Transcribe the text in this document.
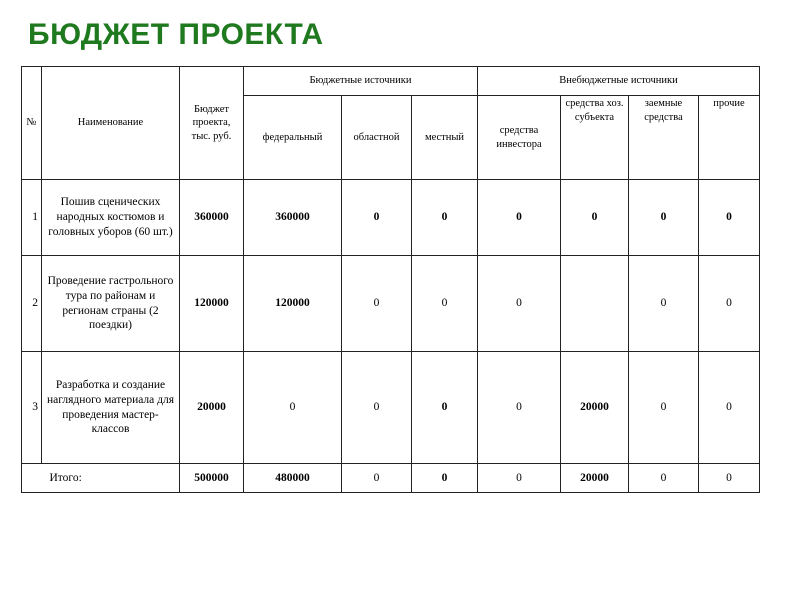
БЮДЖЕТ ПРОЕКТА
№	Наименование	Бюджет проекта, тыс. руб.	Бюджетные источники			Внебюджетные источники			
			федеральный	областной	местный	средства инвестора	средства хоз. субъекта	заемные средства	прочие
1	Пошив сценических народных костюмов и головных уборов (60 шт.)	360000	360000	0	0	0	0	0	0
2	Проведение гастрольного тура по районам и регионам страны (2 поездки)	120000	120000	0	0	0		0	0
3	Разработка и создание наглядного материала для проведения мастер-классов	20000	0	0	0	0	20000	0	0
	Итого:	500000	480000	0	0	0	20000	0	0
